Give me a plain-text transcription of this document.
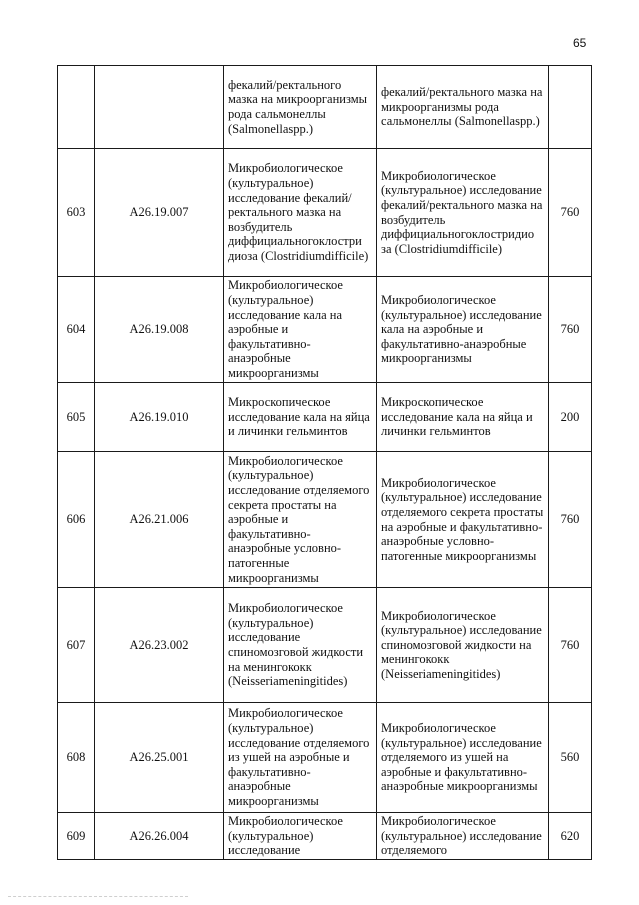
65
		фекалий/ректального мазка на микроорганизмы рода сальмонеллы (Salmonellaspp.)	фекалий/ректального мазка на микроорганизмы рода сальмонеллы (Salmonellaspp.)	
603	A26.19.007	Микробиологическое (культуральное) исследование фекалий/ректального мазка на возбудитель диффициальногоклостри диоза (Clostridiumdifficile)	Микробиологическое (культуральное) исследование фекалий/ректального мазка на возбудитель диффициальногоклостридио за (Clostridiumdifficile)	760
604	A26.19.008	Микробиологическое (культуральное) исследование кала на аэробные и факультативно-анаэробные микроорганизмы	Микробиологическое (культуральное) исследование кала на аэробные и факультативно-анаэробные микроорганизмы	760
605	A26.19.010	Микроскопическое исследование кала на яйца и личинки гельминтов	Микроскопическое исследование кала на яйца и личинки гельминтов	200
606	A26.21.006	Микробиологическое (культуральное) исследование отделяемого секрета простаты на аэробные и факультативно-анаэробные условно-патогенные микроорганизмы	Микробиологическое (культуральное) исследование отделяемого секрета простаты на аэробные и факультативно-анаэробные условно-патогенные микроорганизмы	760
607	A26.23.002	Микробиологическое (культуральное) исследование спиномозговой жидкости на менингококк (Neisseriameningitides)	Микробиологическое (культуральное) исследование спиномозговой жидкости на менингококк (Neisseriameningitides)	760
608	A26.25.001	Микробиологическое (культуральное) исследование отделяемого из ушей на аэробные и факультативно-анаэробные микроорганизмы	Микробиологическое (культуральное) исследование отделяемого из ушей на аэробные и факультативно-анаэробные микроорганизмы	560
609	A26.26.004	Микробиологическое (культуральное) исследование	Микробиологическое (культуральное) исследование отделяемого	620
